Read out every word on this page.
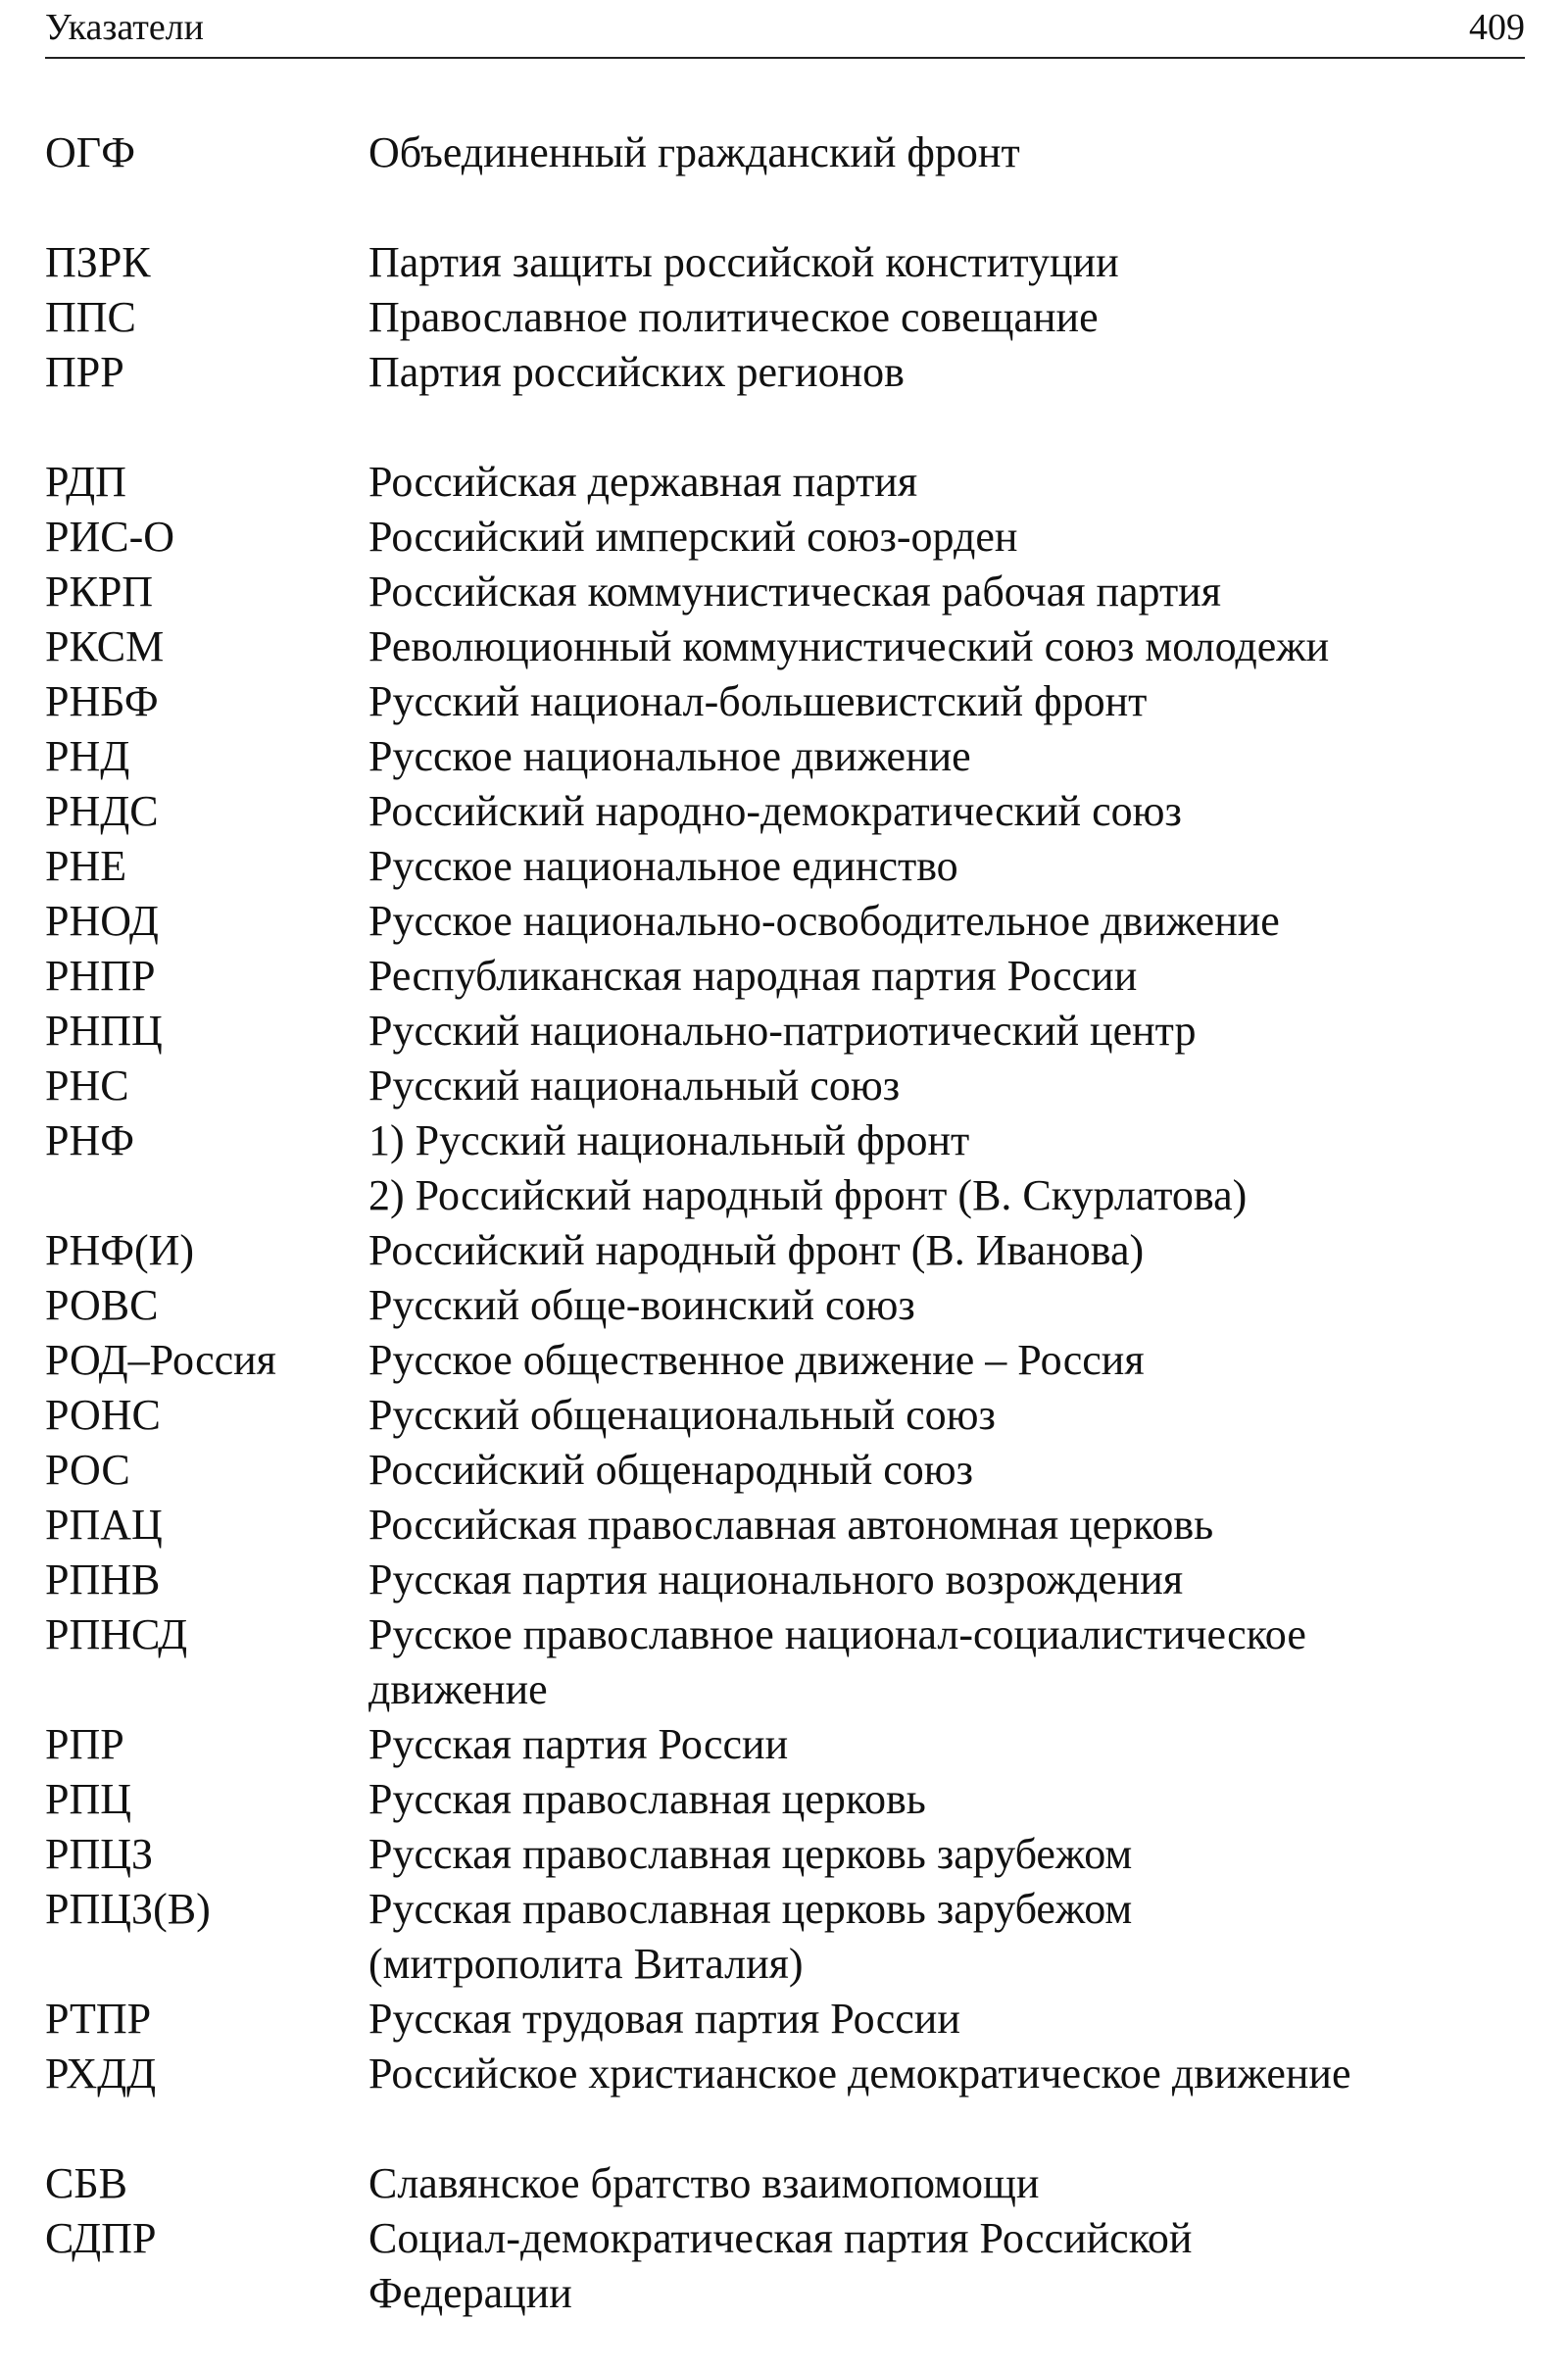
Указатели	409
ОГФ	Объединенный гражданский фронт
ПЗРК	Партия защиты российской конституции
ППС	Православное политическое совещание
ПРР	Партия российских регионов
РДП	Российская державная партия
РИС-О	Российский имперский союз-орден
РКРП	Российская коммунистическая рабочая партия
РКСМ	Революционный коммунистический союз молодежи
РНБФ	Русский национал-большевистский фронт
РНД	Русское национальное движение
РНДС	Российский народно-демократический союз
РНЕ	Русское национальное единство
РНОД	Русское национально-освободительное движение
РНПР	Республиканская народная партия России
РНПЦ	Русский национально-патриотический центр
РНС	Русский национальный союз
РНФ	1) Русский национальный фронт
2) Российский народный фронт (В. Скурлатова)
РНФ(И)	Российский народный фронт (В. Иванова)
РОВС	Русский обще-воинский союз
РОД–Россия	Русское общественное движение – Россия
РОНС	Русский общенациональный союз
РОС	Российский общенародный союз
РПАЦ	Российская православная автономная церковь
РПНВ	Русская партия национального возрождения
РПНСД	Русское православное национал-социалистическое
движение
РПР	Русская партия России
РПЦ	Русская православная церковь
РПЦЗ	Русская православная церковь зарубежом
РПЦЗ(В)	Русская православная церковь зарубежом
(митрополита Виталия)
РТПР	Русская трудовая партия России
РХДД	Российское христианское демократическое движение
СБВ	Славянское братство взаимопомощи
СДПР	Социал-демократическая партия Российской
Федерации
